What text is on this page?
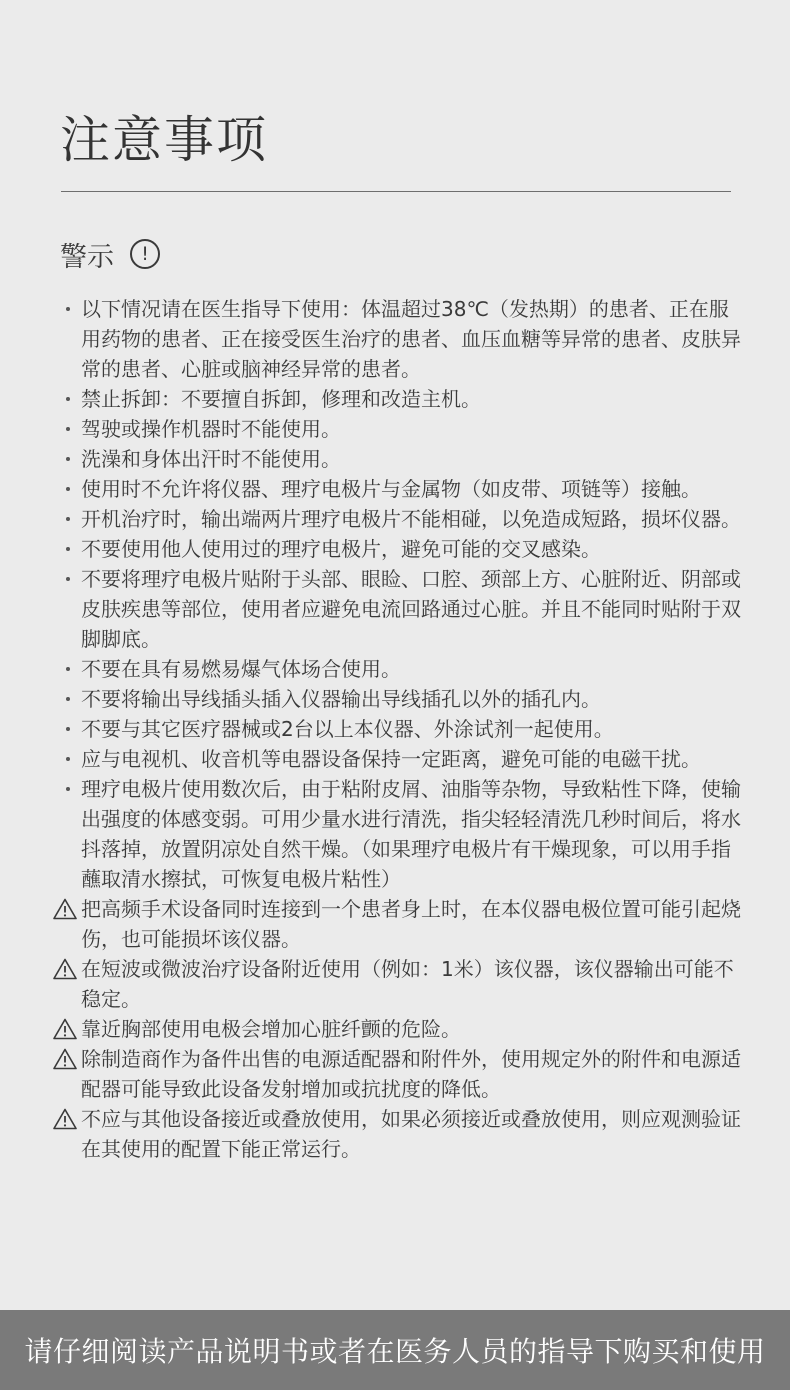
注意事项
警示	!
以下情况请在医生指导下使用：体温超过38℃（发热期）的患者、正在服用药物的患者、正在接受医生治疗的患者、血压血糖等异常的患者、皮肤异常的患者、心脏或脑神经异常的患者。
禁止拆卸：不要擅自拆卸，修理和改造主机。
驾驶或操作机器时不能使用。
洗澡和身体出汗时不能使用。
使用时不允许将仪器、理疗电极片与金属物（如皮带、项链等）接触。
开机治疗时，输出端两片理疗电极片不能相碰，以免造成短路，损坏仪器。
不要使用他人使用过的理疗电极片，避免可能的交叉感染。
不要将理疗电极片贴附于头部、眼睑、口腔、颈部上方、心脏附近、阴部或皮肤疾患等部位，使用者应避免电流回路通过心脏。并且不能同时贴附于双脚脚底。
不要在具有易燃易爆气体场合使用。
不要将输出导线插头插入仪器输出导线插孔以外的插孔内。
不要与其它医疗器械或2台以上本仪器、外涂试剂一起使用。
应与电视机、收音机等电器设备保持一定距离，避免可能的电磁干扰。
理疗电极片使用数次后，由于粘附皮屑、油脂等杂物，导致粘性下降，使输出强度的体感变弱。可用少量水进行清洗，指尖轻轻清洗几秒时间后，将水抖落掉，放置阴凉处自然干燥。（如果理疗电极片有干燥现象，可以用手指蘸取清水擦拭，可恢复电极片粘性）
把高频手术设备同时连接到一个患者身上时，在本仪器电极位置可能引起烧伤，也可能损坏该仪器。
在短波或微波治疗设备附近使用（例如：1米）该仪器，该仪器输出可能不稳定。
靠近胸部使用电极会增加心脏纤颤的危险。
除制造商作为备件出售的电源适配器和附件外，使用规定外的附件和电源适配器可能导致此设备发射增加或抗扰度的降低。
不应与其他设备接近或叠放使用，如果必须接近或叠放使用，则应观测验证在其使用的配置下能正常运行。
请仔细阅读产品说明书或者在医务人员的指导下购买和使用
